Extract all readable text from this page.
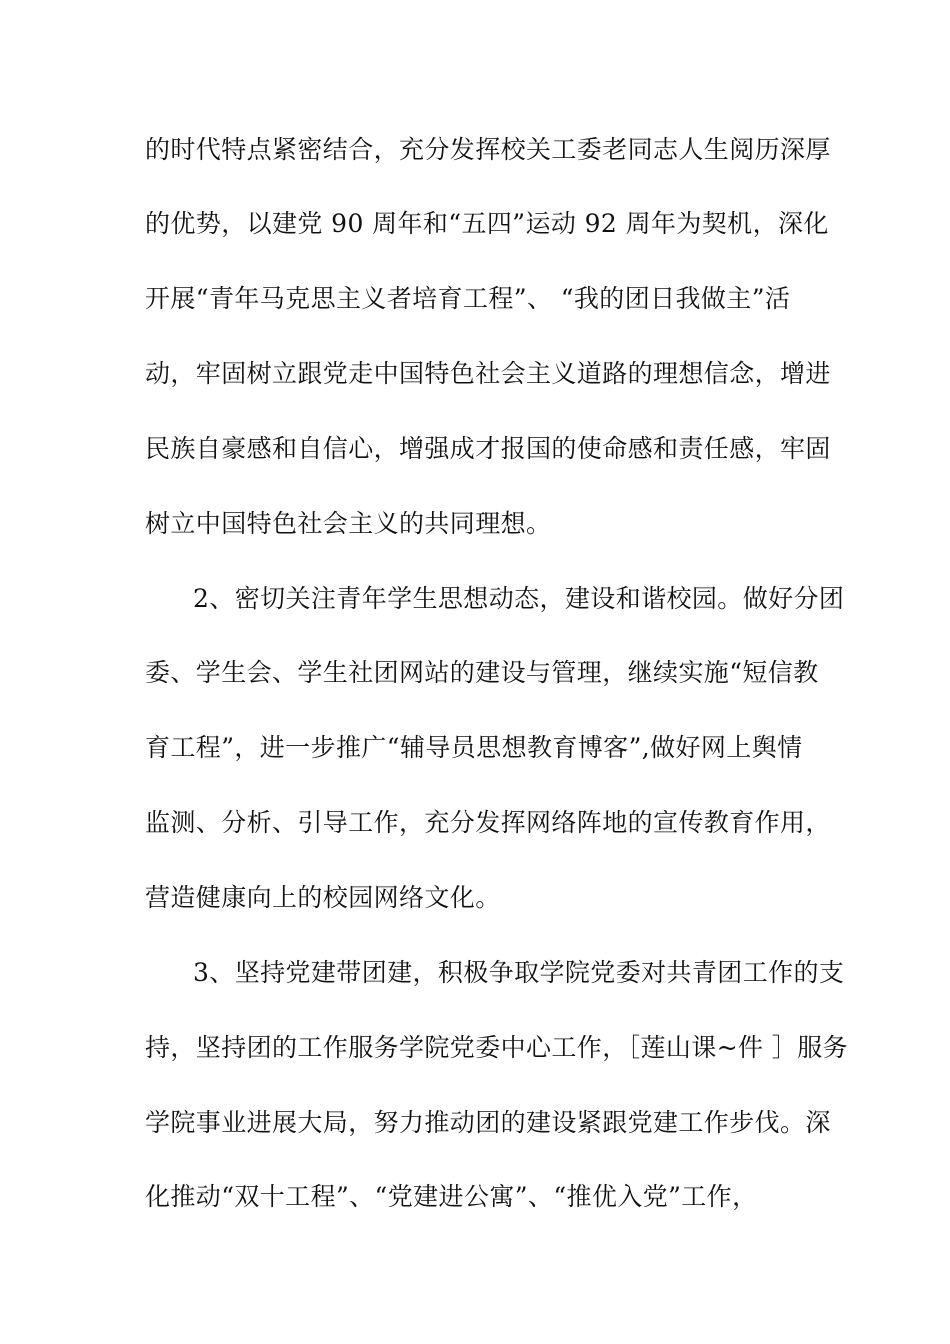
的时代特点紧密结合，充分发挥校关工委老同志人生阅历深厚
的优势，以建党 90 周年和“五四”运动 92 周年为契机，深化
开展“青年马克思主义者培育工程”、 “我的团日我做主”活
动，牢固树立跟党走中国特色社会主义道路的理想信念，增进
民族自豪感和自信心，增强成才报国的使命感和责任感，牢固
树立中国特色社会主义的共同理想。
2、密切关注青年学生思想动态，建设和谐校园。做好分团
委、学生会、学生社团网站的建设与管理，继续实施“短信教
育工程”，进一步推广“辅导员思想教育博客”,做好网上舆情
监测、分析、引导工作，充分发挥网络阵地的宣传教育作用，
营造健康向上的校园网络文化。
3、坚持党建带团建，积极争取学院党委对共青团工作的支
持，坚持团的工作服务学院党委中心工作，［莲山课~件 ］服务
学院事业进展大局，努力推动团的建设紧跟党建工作步伐。深
化推动“双十工程”、“党建进公寓”、“推优入党”工作，
